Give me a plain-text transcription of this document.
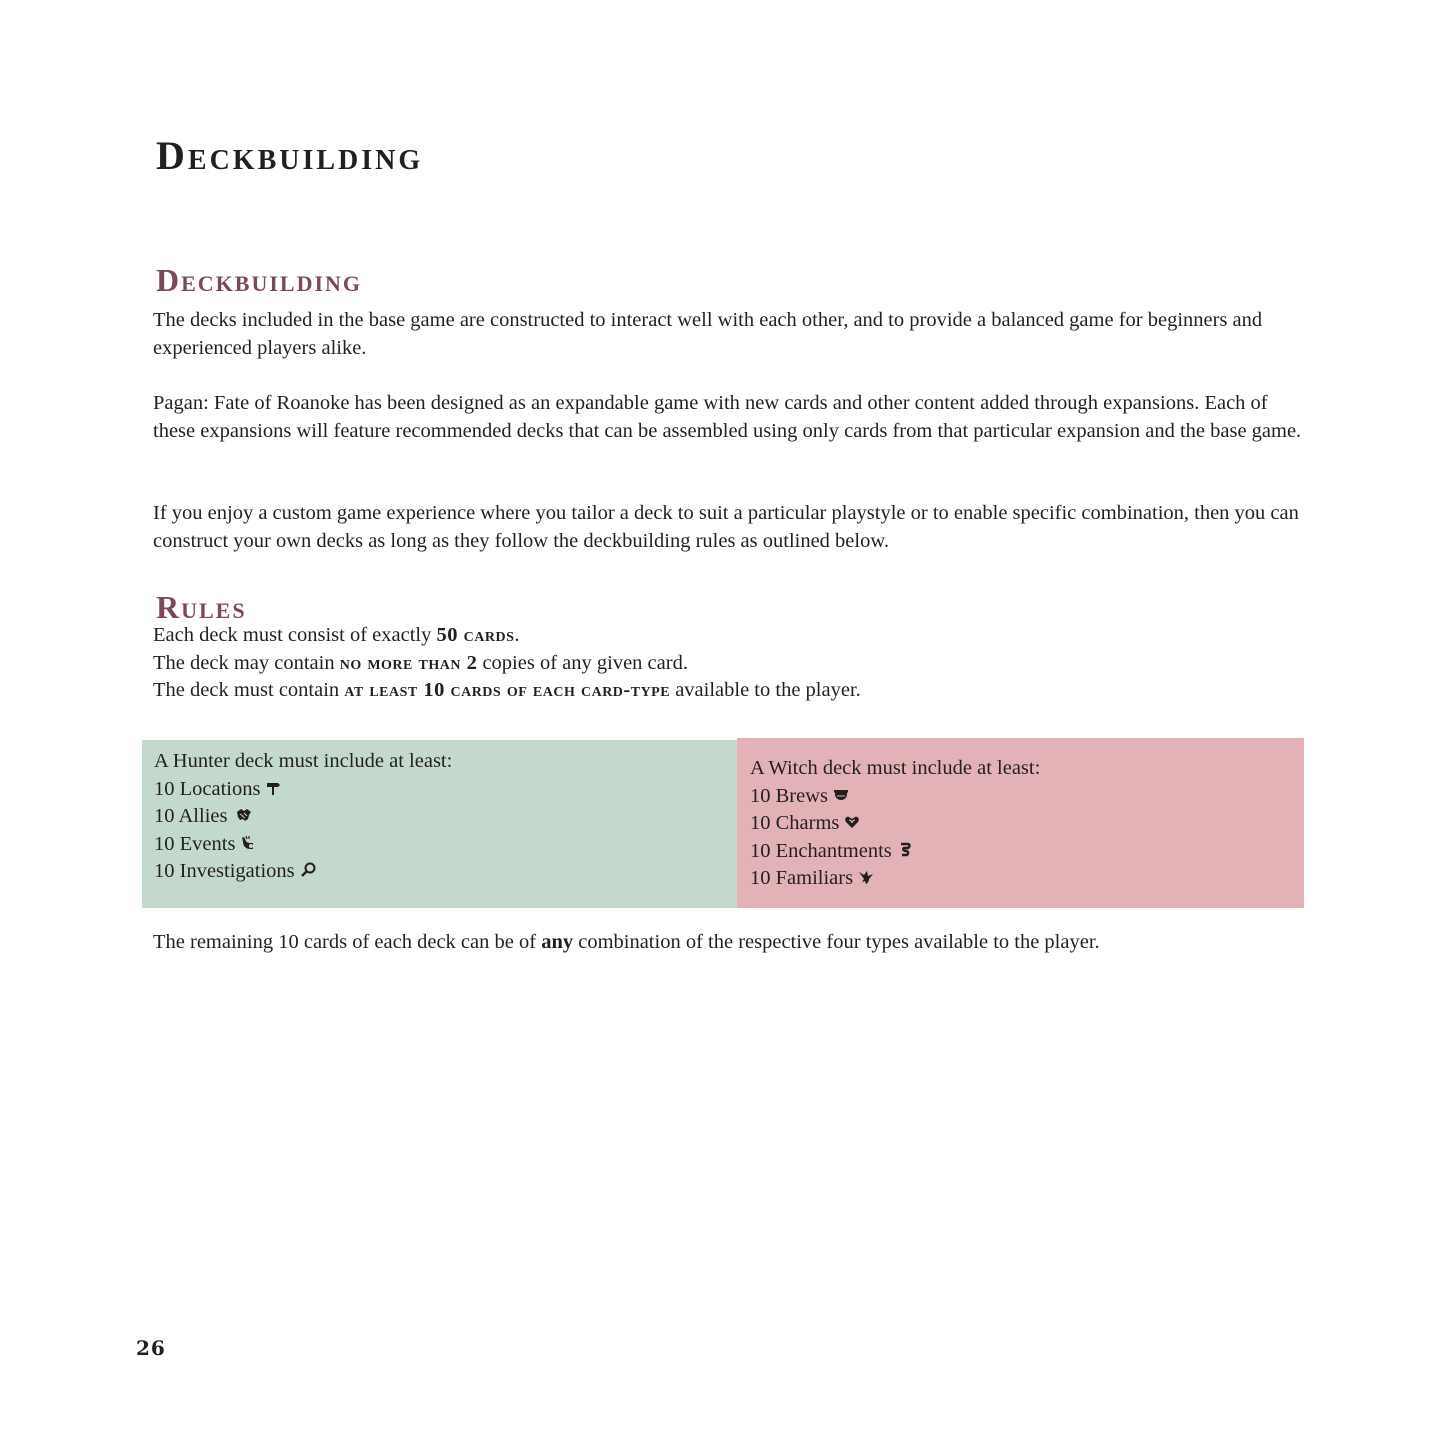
Deckbuilding
Deckbuilding

The decks included in the base game are constructed to interact well with each other, and to provide a balanced game for beginners and experienced players alike.

Pagan: Fate of Roanoke has been designed as an expandable game with new cards and other content added through expansions. Each of these expansions will feature recommended decks that can be assembled using only cards from that particular expansion and the base game.

If you enjoy a custom game experience where you tailor a deck to suit a particular playstyle or to enable specific combination, then you can construct your own decks as long as they follow the deckbuilding rules as outlined below.

Rules
Each deck must consist of exactly 50 cards.
The deck may contain no more than 2 copies of any given card.
The deck must contain at least 10 cards of each card-type available to the player.
A Hunter deck must include at least:
10 Locations
10 Allies
10 Events
10 Investigations
A Witch deck must include at least:
10 Brews
10 Charms
10 Enchantments
10 Familiars

The remaining 10 cards of each deck can be of any combination of the respective four types available to the player.

26
